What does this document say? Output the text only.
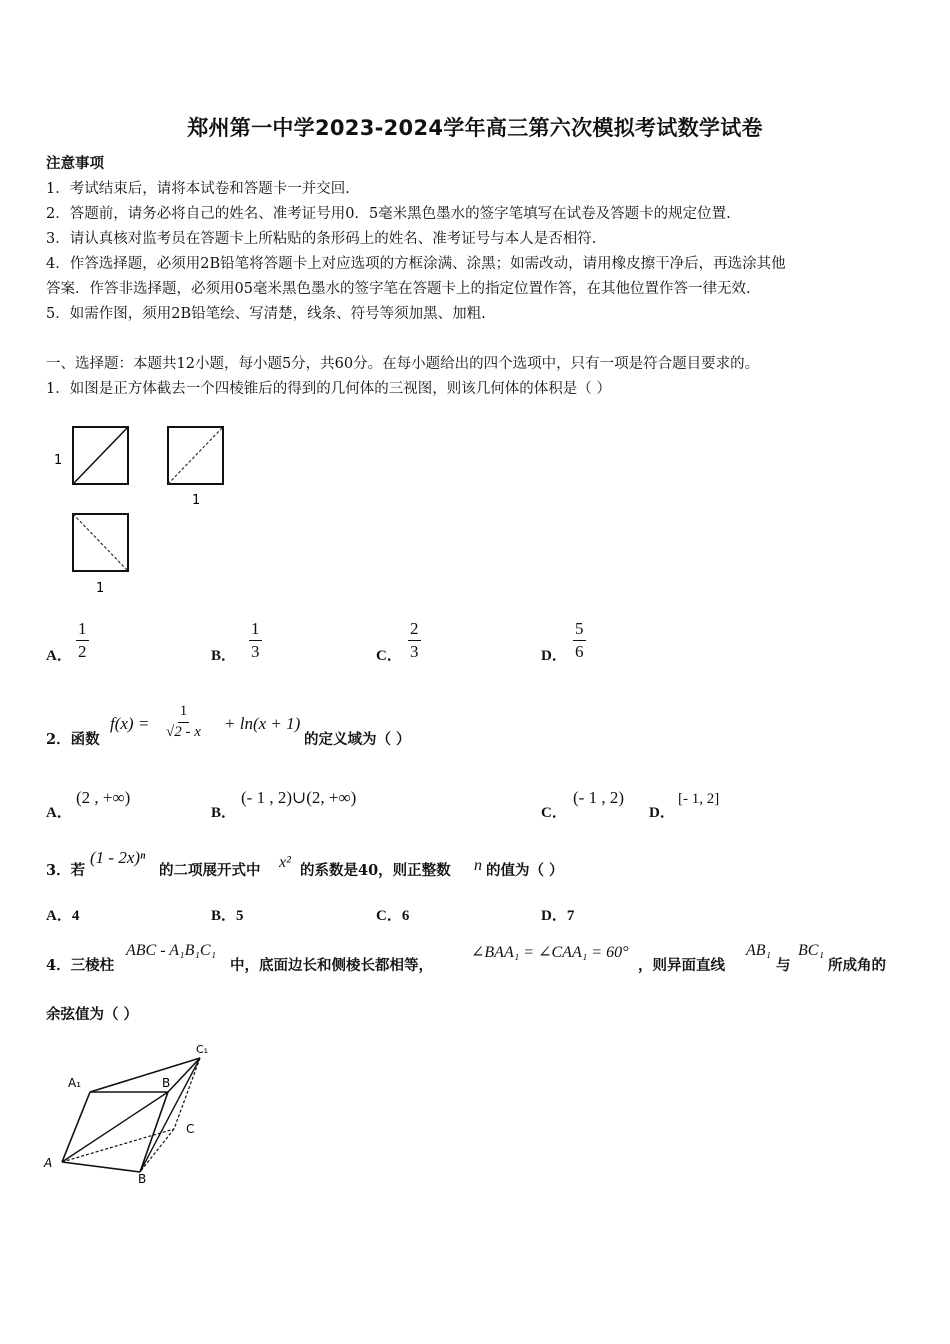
郑州第一中学2023-2024学年高三第六次模拟考试数学试卷
注意事项
1．考试结束后，请将本试卷和答题卡一并交回.
2．答题前，请务必将自己的姓名、准考证号用0．5毫米黑色墨水的签字笔填写在试卷及答题卡的规定位置.
3．请认真核对监考员在答题卡上所粘贴的条形码上的姓名、准考证号与本人是否相符.
4．作答选择题，必须用2B铅笔将答题卡上对应选项的方框涂满、涂黑；如需改动，请用橡皮擦干净后，再选涂其他
答案．作答非选择题，必须用05毫米黑色墨水的签字笔在答题卡上的指定位置作答，在其他位置作答一律无效.
5．如需作图，须用2B铅笔绘、写清楚，线条、符号等须加黑、加粗.
一、选择题：本题共12小题，每小题5分，共60分。在每小题给出的四个选项中，只有一项是符合题目要求的。
1．如图是正方体截去一个四棱锥后的得到的几何体的三视图，则该几何体的体积是（ ）
1
1
1
A． $\frac{1}{2}$	B． $\frac{1}{3}$	C． $\frac{2}{3}$	D． $\frac{5}{6}$
2．函数
$f(x) = \frac{1}{√2 - x} + \ln(x + 1)$
的定义域为（ ）
A．
(2 , +∞)
B．
(- 1 , 2)∪(2, +∞)
C．
(- 1 , 2)
D．
[- 1, 2]
3．若
(1 - 2x)ⁿ
的二项展开式中 x² 的系数是40，则正整数 n 的值为（ ）
A．4	B．5	C．6	D．7
4．三棱柱
ABC - A₁B₁C₁
中，底面边长和侧棱长都相等，
∠BAA₁ = ∠CAA₁ = 60°
，则异面直线
AB₁
与
BC₁
所成角的
余弦值为（ ）
A₁	B
C₁
A
B
C
